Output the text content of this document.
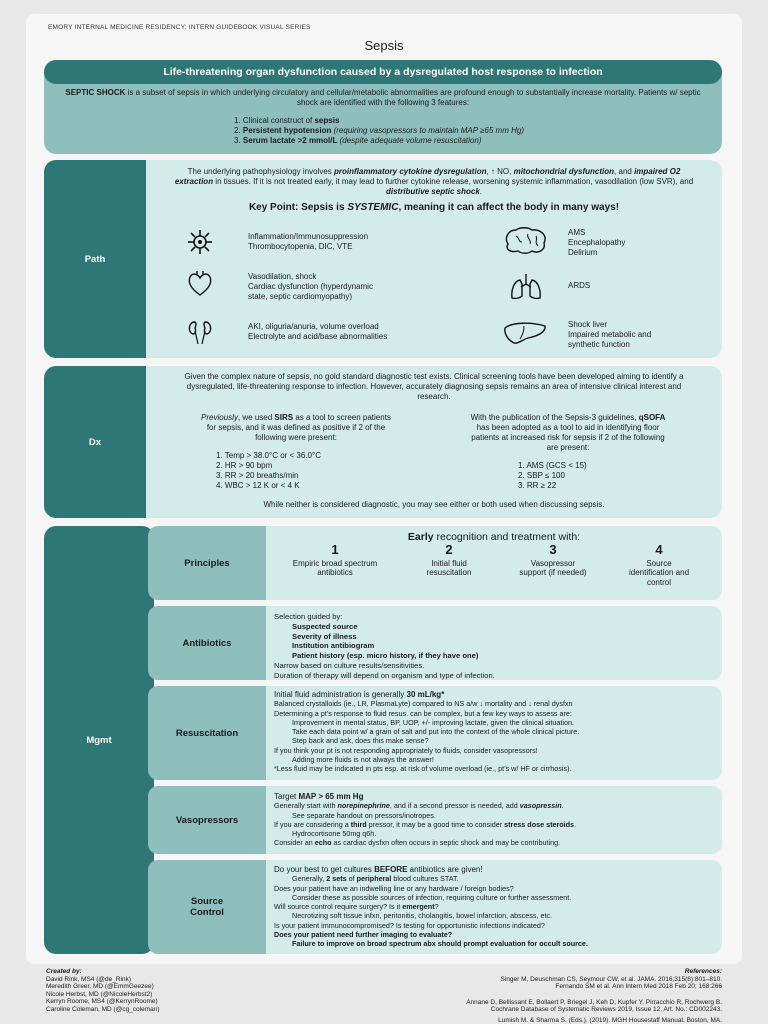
EMORY INTERNAL MEDICINE RESIDENCY: INTERN GUIDEBOOK VISUAL SERIES
Sepsis
Life-threatening organ dysfunction caused by a dysregulated host response to infection
SEPTIC SHOCK is a subset of sepsis in which underlying circulatory and cellular/metabolic abnormalities are profound enough to substantially increase mortality. Patients w/ septic shock are identified with the following 3 features:
1. Clinical construct of sepsis
2. Persistent hypotension (requiring vasopressors to maintain MAP ≥65 mm Hg)
3. Serum lactate >2 mmol/L (despite adequate volume resuscitation)
Path
The underlying pathophysiology involves proinflammatory cytokine dysregulation, ↑ NO, mitochondrial dysfunction, and impaired O2 extraction in tissues. If it is not treated early, it may lead to further cytokine release, worsening systemic inflammation, vasodilation (low SVR), and distributive septic shock.
Key Point: Sepsis is SYSTEMIC, meaning it can affect the body in many ways!
Inflammation/Immunosuppression
Thrombocytopenia, DIC, VTE
Vasodilation, shock
Cardiac dysfunction (hyperdynamic
state, septic cardiomyopathy)
AKI, oliguria/anuria, volume overload
Electrolyte and acid/base abnormalities
AMS
Encephalopathy
Delirium
ARDS
Shock liver
Impaired metabolic and
synthetic function
Dx
Given the complex nature of sepsis, no gold standard diagnostic test exists. Clinical screening tools have been developed aiming to identify a dysregulated, life-threatening response to infection. However, accurately diagnosing sepsis remains an area of intensive clinical interest and research.
Previously, we used SIRS as a tool to screen patients for sepsis, and it was defined as positive if 2 of the following were present:
1. Temp > 38.0°C or < 36.0°C
2. HR > 90 bpm
3. RR > 20 breaths/min
4. WBC > 12 K or < 4 K
With the publication of the Sepsis-3 guidelines, qSOFA has been adopted as a tool to aid in identifying floor patients at increased risk for sepsis if 2 of the following are present:
1. AMS (GCS < 15)
2. SBP ≤ 100
3. RR ≥ 22
While neither is considered diagnostic, you may see either or both used when discussing sepsis.
Mgmt
Principles
Early recognition and treatment with:
1
Empiric broad spectrum antibiotics
2
Initial fluid resuscitation
3
Vasopressor support (if needed)
4
Source identification and control
Antibiotics
Selection guided by:
Suspected source
Severity of illness
Institution antibiogram
Patient history (esp. micro history, if they have one)
Narrow based on culture results/sensitivities.
Duration of therapy will depend on organism and type of infection.
Resuscitation
Initial fluid administration is generally 30 mL/kg*
Balanced crystalloids (ie., LR, PlasmaLyte) compared to NS a/w ↓ mortality and ↓ renal dysfxn
Determining a pt’s response to fluid resus. can be complex, but a few key ways to assess are:
Improvement in mental status, BP, UOP, +/- improving lactate, given the clinical situation.
Take each data point w/ a grain of salt and put into the context of the whole clinical picture.
Step back and ask, does this make sense?
If you think your pt is not responding appropriately to fluids, consider vasopressors!
Adding more fluids is not always the answer!
*Less fluid may be indicated in pts esp. at risk of volume overload (ie., pt’s w/ HF or cirrhosis).
Vasopressors
Target MAP > 65 mm Hg
Generally start with norepinephrine, and if a second pressor is needed, add vasopressin.
See separate handout on pressors/inotropes.
If you are considering a third pressor, it may be a good time to consider stress dose steroids.
Hydrocortisone 50mg q6h.
Consider an echo as cardiac dysfxn often occurs in septic shock and may be contributing.
Source Control
Do your best to get cultures BEFORE antibiotics are given!
Generally, 2 sets of peripheral blood cultures STAT.
Does your patient have an indwelling line or any hardware / foreign bodies?
Consider these as possible sources of infection, requiring culture or further assessment.
Will source control require surgery? Is it emergent?
Necrotizing soft tissue infxn, peritonitis, cholangitis, bowel infarction, abscess, etc.
Is your patient immunocompromised? Is testing for opportunistic infections indicated?
Does your patient need further imaging to evaluate?
Failure to improve on broad spectrum abx should prompt evaluation for occult source.
Created by:
David Rink, MS4 (@de_Rink)
Meredith Greer, MD (@EmmGeezee)
Nicole Herbst, MD (@NicoleHerbst2)
Kerryn Roome, MS4 (@KerrynRoome)
Caroline Coleman, MD (@cg_coleman)
References:
Singer M, Deuschman CS, Seymour CW, et al. JAMA. 2016;315(8):801–810.
Fernando SM et al. Ann Intern Med 2018 Feb 20; 168:266
Annane D, Bellissant E, Bollaert P, Briegel J, Keh D, Kupfer Y, Pirracchio R, Rochwerg B.
Cochrane Database of Systematic Reviews 2019, Issue 12. Art. No.: CD002243.
Lumish M. & Sharma S. (Eds.). (2019). MGH Housestaff Manual. Boston, MA.
